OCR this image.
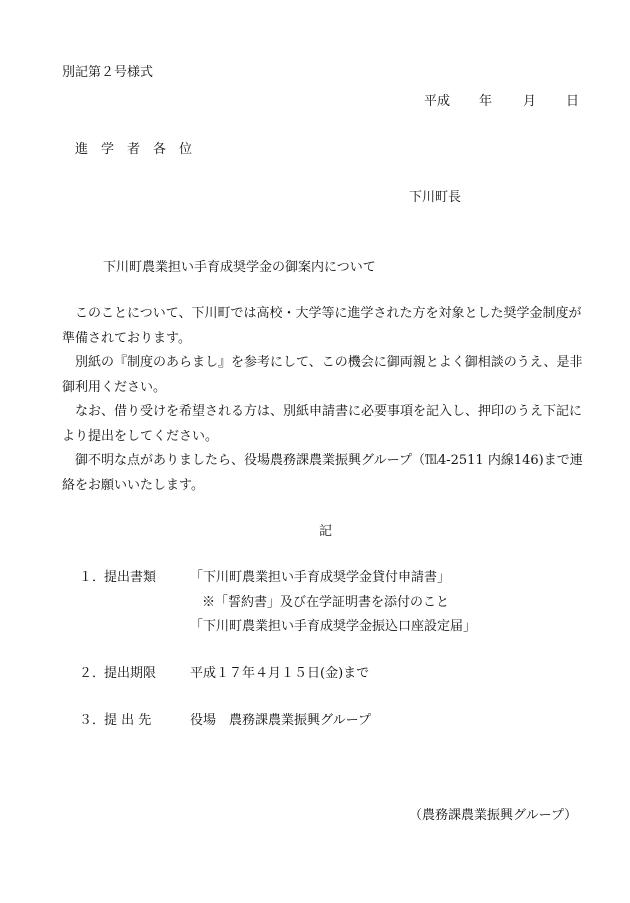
別記第２号様式
平成 年 月 日
進　学　者　各　位
下川町長
下川町農業担い手育成奨学金の御案内について

このことについて、下川町では高校・大学等に進学された方を対象とした奨学金制度が準備されております。

別紙の『制度のあらまし』を参考にして、この機会に御両親とよく御相談のうえ、是非御利用ください。

なお、借り受けを希望される方は、別紙申請書に必要事項を記入し、押印のうえ下記により提出をしてください。

御不明な点がありましたら、役場農務課農業振興グループ（℡4-2511 内線146)まで連絡をお願いいたします。

記
１．
提出書類	「下川町農業担い手育成奨学金貸付申請書」
※「誓約書」及び在学証明書を添付のこと
「下川町農業担い手育成奨学金振込口座設定届」
２．
提出期限	平成１７年４月１５日(金)まで
３．
提 出 先	役場　農務課農業振興グループ
（農務課農業振興グループ）
